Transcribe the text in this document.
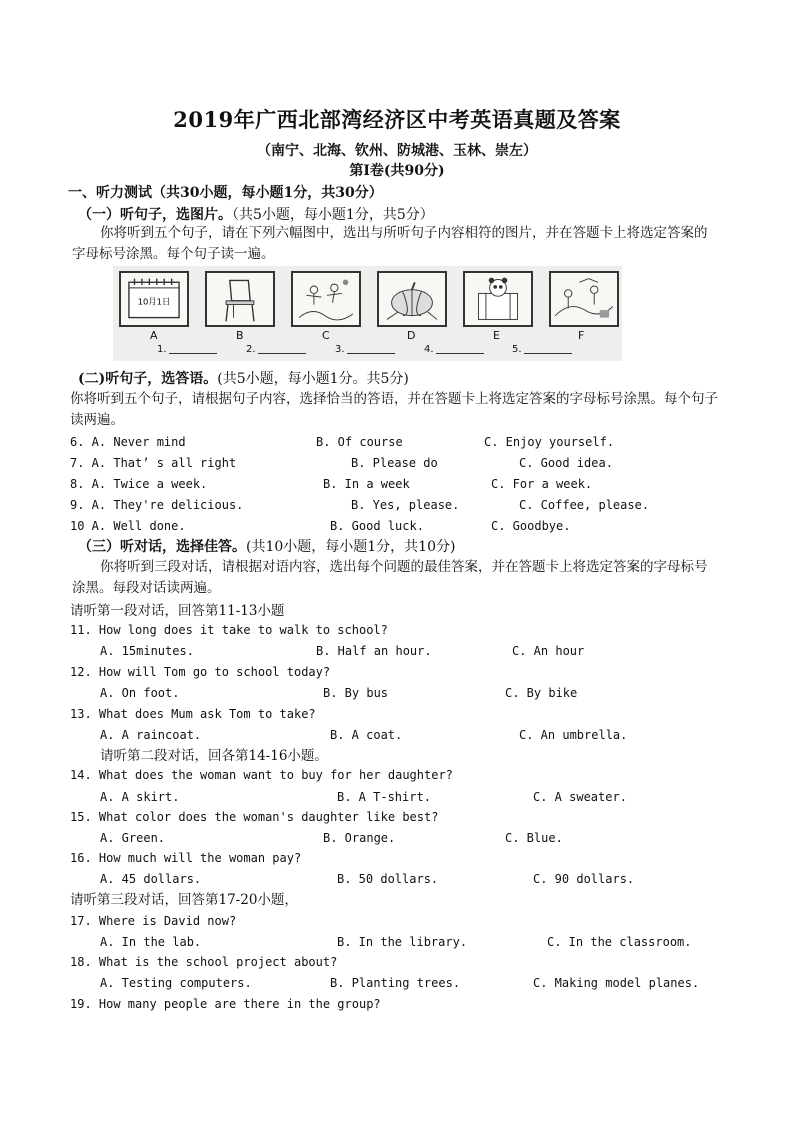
2019年广西北部湾经济区中考英语真题及答案
（南宁、北海、钦州、防城港、玉林、崇左）
第Ⅰ卷(共90分)
一、听力测试（共30小题，每小题1分，共30分）
（一）听句子，选图片。（共5小题，每小题1分，共5分）
你将听到五个句子，请在下列六幅图中，选出与所听句子内容相符的图片，并在答题卡上将选定答案的字母标号涂黑。每个句子读一遍。
10月1日
A	B	C	D	E	F
1.	2.	3.	4.	5.
(二)听句子，选答语。(共5小题，每小题1分。共5分)
你将听到五个句子，请根据句子内容，选择恰当的答语，并在答题卡上将选定答案的字母标号涂黑。每个句子读两遍。
6. A. Never mind	B. Of course	C. Enjoy yourself.
7. A. That’ s all right	B. Please do	C. Good idea.
8. A. Twice a week.	B. In a week	C. For a week.
9. A. They're delicious.	B. Yes, please.	C. Coffee, please.
10 A. Well done.	B. Good luck.	C. Goodbye.
（三）听对话，选择佳答。(共10小题，每小题1分，共10分)
你将听到三段对话，请根据对语内容，选出每个问题的最佳答案，并在答题卡上将选定答案的字母标号涂黑。每段对话读两遍。
请听第一段对话，回答第11-13小题
11. How long does it take to walk to school?
A. 15minutes.	B. Half an hour.	C. An hour
12. How will Tom go to school today?
A. On foot.	B. By bus	C. By bike
13. What does Mum ask Tom to take?
A. A raincoat.	B. A coat.	C. An umbrella.
请听第二段对话，回各第14-16小题。
14. What does the woman want to buy for her daughter?
A. A skirt.	B. A T-shirt.	C. A sweater.
15. What color does the woman's daughter like best?
A. Green.	B. Orange.	C. Blue.
16. How much will the woman pay?
A. 45 dollars.	B. 50 dollars.	C. 90 dollars.
请听第三段对话，回答第17-20小题，
17. Where is David now?
A. In the lab.	B. In the library.	C. In the classroom.
18. What is the school project about?
A. Testing computers.	B. Planting trees.	C. Making model planes.
19. How many people are there in the group?
